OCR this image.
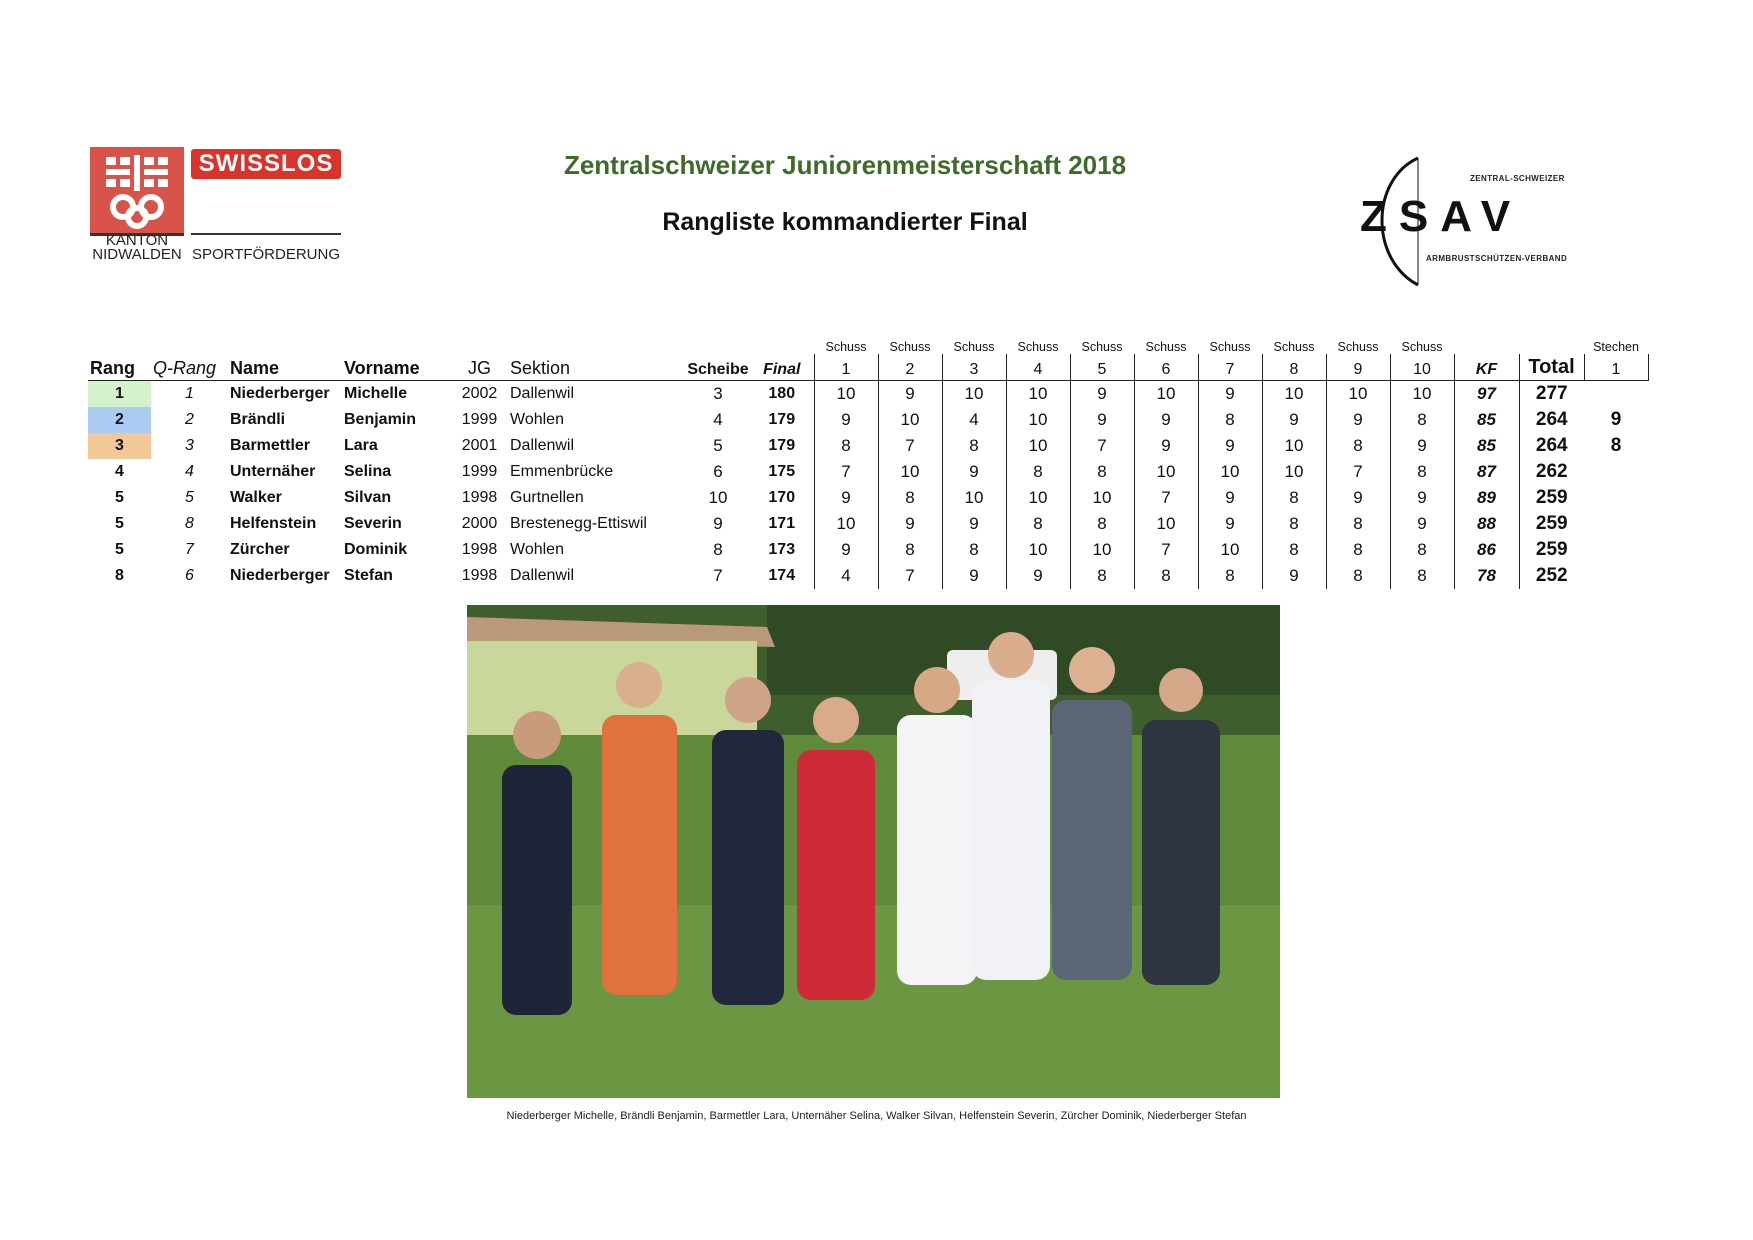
Zentralschweizer Juniorenmeisterschaft 2018
Rangliste kommandierter Final
KANTON
NIDWALDEN
SWISSLOS
SPORTFÖRDERUNG
ZSAV
ZENTRAL-SCHWEIZER
ARMBRUSTSCHÜTZEN-VERBAND
								Schuss	Schuss	Schuss	Schuss	Schuss	Schuss	Schuss	Schuss	Schuss	Schuss			Stechen
Rang	Q-Rang	Name	Vorname	JG	Sektion	Scheibe	Final	1	2	3	4	5	6	7	8	9	10	KF	Total	1
1	1	Niederberger	Michelle	2002	Dallenwil	3	180	10	9	10	10	9	10	9	10	10	10	97	277	
2	2	Brändli	Benjamin	1999	Wohlen	4	179	9	10	4	10	9	9	8	9	9	8	85	264	9
3	3	Barmettler	Lara	2001	Dallenwil	5	179	8	7	8	10	7	9	9	10	8	9	85	264	8
4	4	Unternäher	Selina	1999	Emmenbrücke	6	175	7	10	9	8	8	10	10	10	7	8	87	262	
5	5	Walker	Silvan	1998	Gurtnellen	10	170	9	8	10	10	10	7	9	8	9	9	89	259	
5	8	Helfenstein	Severin	2000	Brestenegg-Ettiswil	9	171	10	9	9	8	8	10	9	8	8	9	88	259	
5	7	Zürcher	Dominik	1998	Wohlen	8	173	9	8	8	10	10	7	10	8	8	8	86	259	
8	6	Niederberger	Stefan	1998	Dallenwil	7	174	4	7	9	9	8	8	8	9	8	8	78	252	
Niederberger Michelle, Brändli Benjamin, Barmettler Lara, Unternäher Selina, Walker Silvan, Helfenstein Severin, Zürcher Dominik, Niederberger Stefan
